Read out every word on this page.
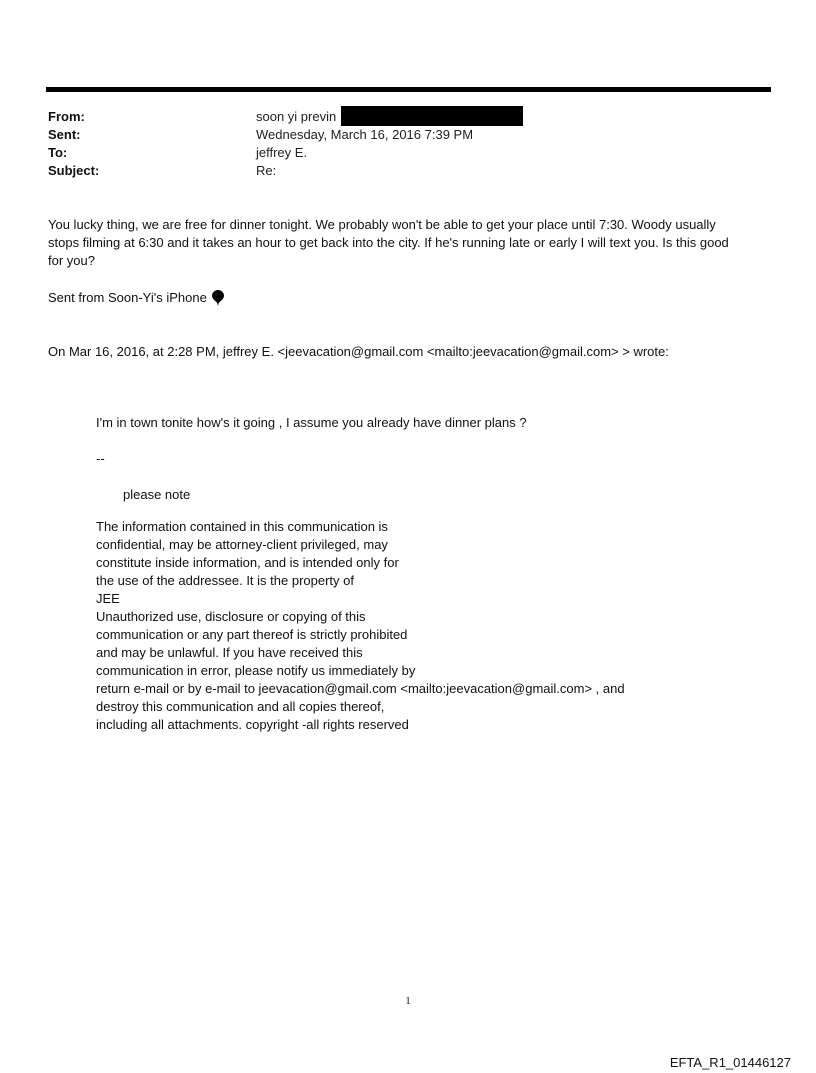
From:	soon yi previn
Sent:	Wednesday, March 16, 2016 7:39 PM
To:	jeffrey E.
Subject:	Re:
You lucky thing, we are free for dinner tonight. We probably won't be able to get your place until 7:30. Woody usually
stops filming at 6:30 and it takes an hour to get back into the city. If he's running late or early I will text you. Is this good
for you?
Sent from Soon-Yi's iPhone
On Mar 16, 2016, at 2:28 PM, jeffrey E. <jeevacation@gmail.com <mailto:jeevacation@gmail.com> > wrote:
I'm in town tonite how's it going , I assume you already have dinner plans ?
--
please note
The information contained in this communication is
confidential, may be attorney-client privileged, may
constitute inside information, and is intended only for
the use of the addressee. It is the property of
JEE
Unauthorized use, disclosure or copying of this
communication or any part thereof is strictly prohibited
and may be unlawful. If you have received this
communication in error, please notify us immediately by
return e-mail or by e-mail to jeevacation@gmail.com <mailto:jeevacation@gmail.com> , and
destroy this communication and all copies thereof,
including all attachments. copyright -all rights reserved
1
EFTA_R1_01446127
